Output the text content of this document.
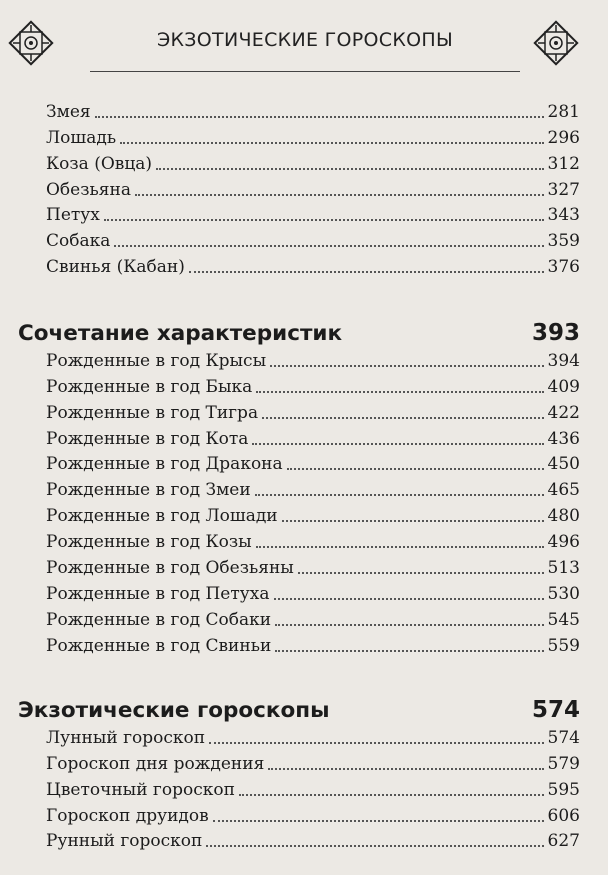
ЭКЗОТИЧЕСКИЕ ГОРОСКОПЫ
Змея	281
Лошадь	296
Коза (Овца)	312
Обезьяна	327
Петух	343
Собака	359
Свинья (Кабан)	376
Сочетание характеристик	393
Рожденные в год Крысы	394
Рожденные в год Быка	409
Рожденные в год Тигра	422
Рожденные в год Кота	436
Рожденные в год Дракона	450
Рожденные в год Змеи	465
Рожденные в год Лошади	480
Рожденные в год Козы	496
Рожденные в год Обезьяны	513
Рожденные в год Петуха	530
Рожденные в год Собаки	545
Рожденные в год Свиньи	559
Экзотические гороскопы	574
Лунный гороскоп	574
Гороскоп дня рождения	579
Цветочный гороскоп	595
Гороскоп друидов	606
Рунный гороскоп	627
